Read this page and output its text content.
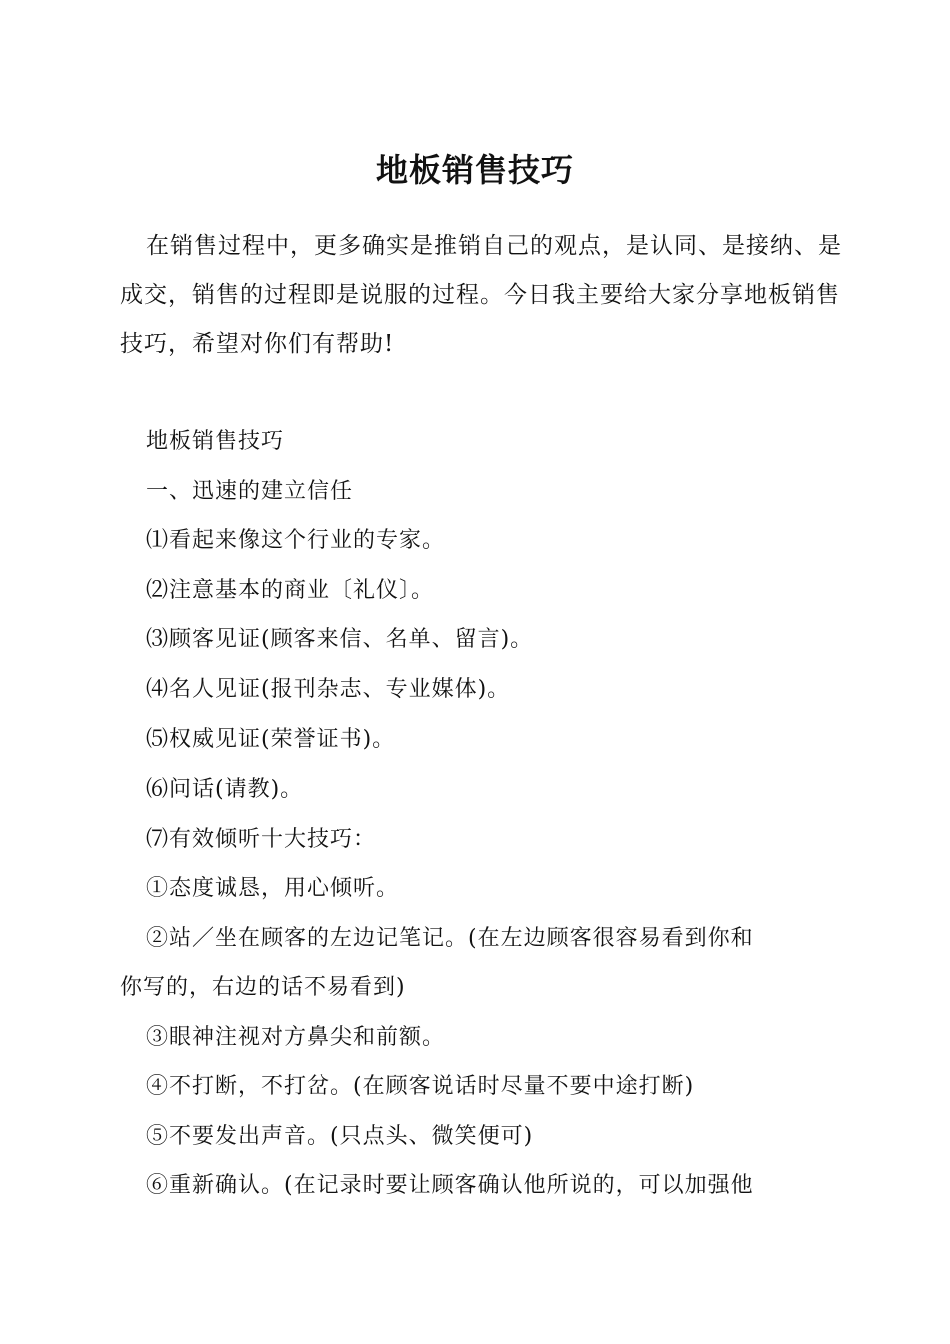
地板销售技巧
在销售过程中，更多确实是推销自己的观点，是认同、是接纳、是成交，销售的过程即是说服的过程。今日我主要给大家分享地板销售技巧，希望对你们有帮助!
地板销售技巧
一、迅速的建立信任
⑴看起来像这个行业的专家。
⑵注意基本的商业〔礼仪〕。
⑶顾客见证(顾客来信、名单、留言)。
⑷名人见证(报刊杂志、专业媒体)。
⑸权威见证(荣誉证书)。
⑹问话(请教)。
⑺有效倾听十大技巧：
①态度诚恳，用心倾听。
②站／坐在顾客的左边记笔记。(在左边顾客很容易看到你和
你写的，右边的话不易看到)
③眼神注视对方鼻尖和前额。
④不打断，不打岔。(在顾客说话时尽量不要中途打断)
⑤不要发出声音。(只点头、微笑便可)
⑥重新确认。(在记录时要让顾客确认他所说的，可以加强他
